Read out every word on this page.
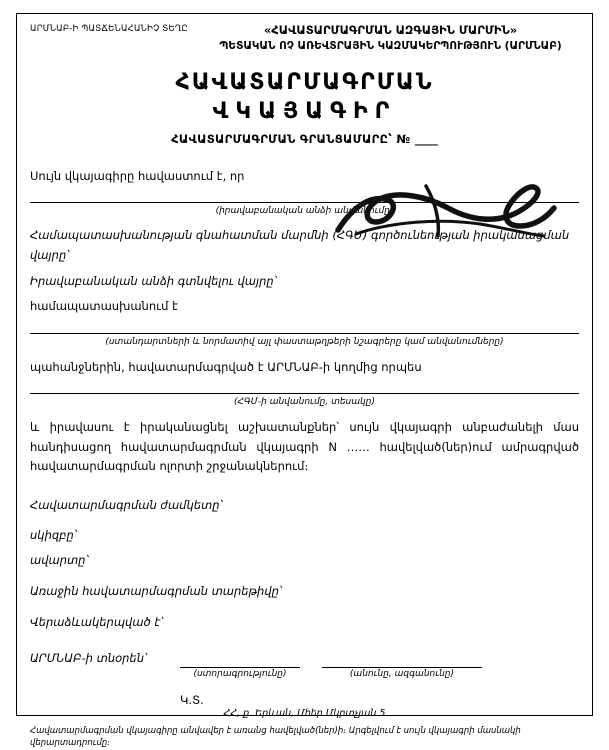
ԱՐՄՆԱԲ-Ի ՊԱՏՃԵՆԱՀԱՆԻՉ ՏԵՂԸ	«ՀԱՎԱՏԱՐՄԱԳՐՄԱՆ ԱԶԳԱՅԻՆ ՄԱՐՄԻՆ»
ՊԵՏԱԿԱՆ ՈՉ ԱՌԵՎՏՐԱՅԻՆ ԿԱԶՄԱԿԵՐՊՈՒԹՅՈՒՆ (ԱՐՄՆԱԲ)
ՀԱՎԱՏԱՐՄԱԳՐՄԱՆ
ՎԿԱՅԱԳԻՐ
ՀԱՎԱՏԱՐՄԱԳՐՄԱՆ ԳՐԱՆՑԱՄԱՐԸ՝ № ____
Սույն վկայագիրը հավաստում է, որ
(իրավաբանական անձի անվանումը)
Համապատասխանության գնահատման մարմնի (ՀԳՄ) գործունեության իրականացման վայրը՝
Իրավաբանական անձի գտնվելու վայրը՝
համապատասխանում է
(ստանդարտների և նորմատիվ այլ փաստաթղթերի նշագրերը կամ անվանումները)
պահանջներին, հավատարմագրված է ԱՐՄՆԱԲ-ի կողմից որպես
(ՀԳՄ-ի անվանումը, տեսակը)
և իրավասու է իրականացնել աշխատանքներ՝ սույն վկայագրի անբաժանելի մաս հանդիսացող հավատարմագրման վկայագրի N …… հավելված(ներ)ում ամրագրված հավատարմագրման ոլորտի շրջանակներում։
Հավատարմագրման ժամկետը՝
սկիզբը՝
ավարտը՝
Առաջին հավատարմագրման տարեթիվը՝
Վերաձևակերպված է՝
ԱՐՄՆԱԲ-ի տնօրեն՝
(ստորագրությունը)	(անունը, ազգանունը)
Կ.Տ.
Հավատարմագրման վկայագիրը անվավեր է առանց հավելված(ներ)ի։ Արգելվում է սույն վկայագրի մասնակի վերարտադրումը։
ՀՀ, ք. Երևան, Մհեր Մկրտչյան 5
